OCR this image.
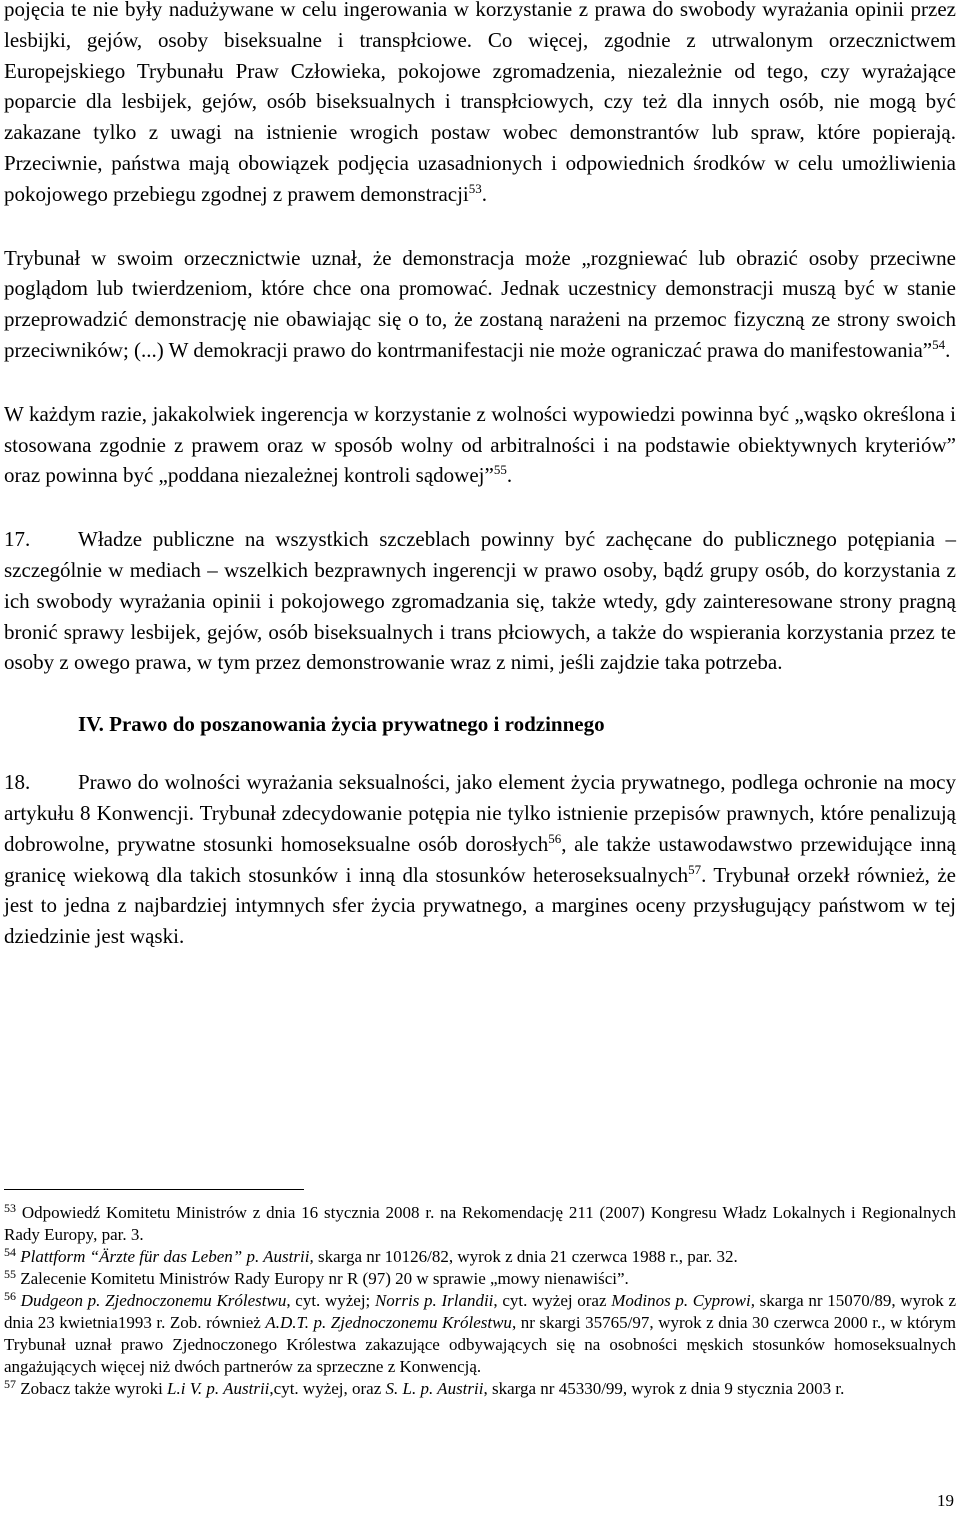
pojęcia te nie były nadużywane w celu ingerowania w korzystanie z prawa do swobody wyrażania opinii przez lesbijki, gejów, osoby biseksualne i transpłciowe. Co więcej, zgodnie z utrwalonym orzecznictwem Europejskiego Trybunału Praw Człowieka, pokojowe zgromadzenia, niezależnie od tego, czy wyrażające poparcie dla lesbijek, gejów, osób biseksualnych i transpłciowych, czy też dla innych osób, nie mogą być zakazane tylko z uwagi na istnienie wrogich postaw wobec demonstrantów lub spraw, które popierają. Przeciwnie, państwa mają obowiązek podjęcia uzasadnionych i odpowiednich środków w celu umożliwienia pokojowego przebiegu zgodnej z prawem demonstracji$^{53}$.

Trybunał w swoim orzecznictwie uznał, że demonstracja może „rozgniewać lub obrazić osoby przeciwne poglądom lub twierdzeniom, które chce ona promować. Jednak uczestnicy demonstracji muszą być w stanie przeprowadzić demonstrację nie obawiając się o to, że zostaną narażeni na przemoc fizyczną ze strony swoich przeciwników; (...) W demokracji prawo do kontrmanifestacji nie może ograniczać prawa do manifestowania”$^{54}$.

W każdym razie, jakakolwiek ingerencja w korzystanie z wolności wypowiedzi powinna być „wąsko określona i stosowana zgodnie z prawem oraz w sposób wolny od arbitralności i na podstawie obiektywnych kryteriów” oraz powinna być „poddana niezależnej kontroli sądowej”$^{55}$.

17. Władze publiczne na wszystkich szczeblach powinny być zachęcane do publicznego potępiania – szczególnie w mediach – wszelkich bezprawnych ingerencji w prawo osoby, bądź grupy osób, do korzystania z ich swobody wyrażania opinii i pokojowego zgromadzania się, także wtedy, gdy zainteresowane strony pragną bronić sprawy lesbijek, gejów, osób biseksualnych i trans płciowych, a także do wspierania korzystania przez te osoby z owego prawa, w tym przez demonstrowanie wraz z nimi, jeśli zajdzie taka potrzeba.

IV. Prawo do poszanowania życia prywatnego i rodzinnego

18. Prawo do wolności wyrażania seksualności, jako element życia prywatnego, podlega ochronie na mocy artykułu 8 Konwencji. Trybunał zdecydowanie potępia nie tylko istnienie przepisów prawnych, które penalizują dobrowolne, prywatne stosunki homoseksualne osób dorosłych$^{56}$, ale także ustawodawstwo przewidujące inną granicę wiekową dla takich stosunków i inną dla stosunków heteroseksualnych$^{57}$. Trybunał orzekł również, że jest to jedna z najbardziej intymnych sfer życia prywatnego, a margines oceny przysługujący państwom w tej dziedzinie jest wąski.

$^{53}$ Odpowiedź Komitetu Ministrów z dnia 16 stycznia 2008 r. na Rekomendację 211 (2007) Kongresu Władz Lokalnych i Regionalnych Rady Europy, par. 3.

$^{54}$ Plattform “Ärzte für das Leben” p. Austrii, skarga nr 10126/82, wyrok z dnia 21 czerwca 1988 r., par. 32.

$^{55}$ Zalecenie Komitetu Ministrów Rady Europy nr R (97) 20 w sprawie „mowy nienawiści”.

$^{56}$ Dudgeon p. Zjednoczonemu Królestwu, cyt. wyżej; Norris p. Irlandii, cyt. wyżej oraz Modinos p. Cyprowi, skarga nr 15070/89, wyrok z dnia 23 kwietnia1993 r. Zob. również A.D.T. p. Zjednoczonemu Królestwu, nr skargi 35765/97, wyrok z dnia 30 czerwca 2000 r., w którym Trybunał uznał prawo Zjednoczonego Królestwa zakazujące odbywających się na osobności męskich stosunków homoseksualnych angażujących więcej niż dwóch partnerów za sprzeczne z Konwencją.

$^{57}$ Zobacz także wyroki L.i V. p. Austrii,cyt. wyżej, oraz S. L. p. Austrii, skarga nr 45330/99, wyrok z dnia 9 stycznia 2003 r.

19
